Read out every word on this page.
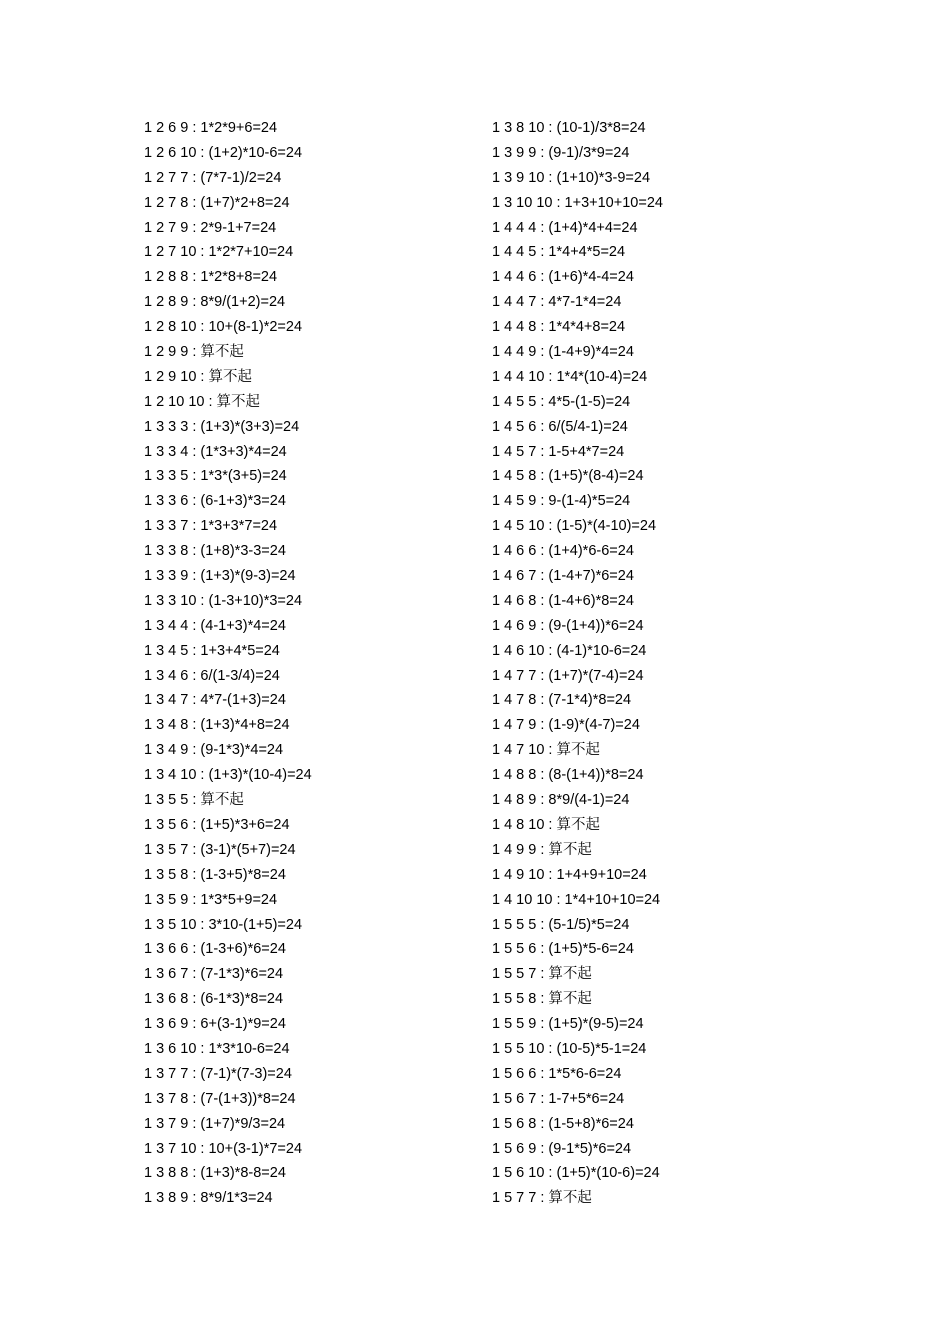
1 2 6 9 : 1*2*9+6=24
1 2 6 10 : (1+2)*10-6=24
1 2 7 7 : (7*7-1)/2=24
1 2 7 8 : (1+7)*2+8=24
1 2 7 9 : 2*9-1+7=24
1 2 7 10 : 1*2*7+10=24
1 2 8 8 : 1*2*8+8=24
1 2 8 9 : 8*9/(1+2)=24
1 2 8 10 : 10+(8-1)*2=24
1 2 9 9 : 算不起
1 2 9 10 : 算不起
1 2 10 10 : 算不起
1 3 3 3 : (1+3)*(3+3)=24
1 3 3 4 : (1*3+3)*4=24
1 3 3 5 : 1*3*(3+5)=24
1 3 3 6 : (6-1+3)*3=24
1 3 3 7 : 1*3+3*7=24
1 3 3 8 : (1+8)*3-3=24
1 3 3 9 : (1+3)*(9-3)=24
1 3 3 10 : (1-3+10)*3=24
1 3 4 4 : (4-1+3)*4=24
1 3 4 5 : 1+3+4*5=24
1 3 4 6 : 6/(1-3/4)=24
1 3 4 7 : 4*7-(1+3)=24
1 3 4 8 : (1+3)*4+8=24
1 3 4 9 : (9-1*3)*4=24
1 3 4 10 : (1+3)*(10-4)=24
1 3 5 5 : 算不起
1 3 5 6 : (1+5)*3+6=24
1 3 5 7 : (3-1)*(5+7)=24
1 3 5 8 : (1-3+5)*8=24
1 3 5 9 : 1*3*5+9=24
1 3 5 10 : 3*10-(1+5)=24
1 3 6 6 : (1-3+6)*6=24
1 3 6 7 : (7-1*3)*6=24
1 3 6 8 : (6-1*3)*8=24
1 3 6 9 : 6+(3-1)*9=24
1 3 6 10 : 1*3*10-6=24
1 3 7 7 : (7-1)*(7-3)=24
1 3 7 8 : (7-(1+3))*8=24
1 3 7 9 : (1+7)*9/3=24
1 3 7 10 : 10+(3-1)*7=24
1 3 8 8 : (1+3)*8-8=24
1 3 8 9 : 8*9/1*3=24
1 3 8 10 : (10-1)/3*8=24
1 3 9 9 : (9-1)/3*9=24
1 3 9 10 : (1+10)*3-9=24
1 3 10 10 : 1+3+10+10=24
1 4 4 4 : (1+4)*4+4=24
1 4 4 5 : 1*4+4*5=24
1 4 4 6 : (1+6)*4-4=24
1 4 4 7 : 4*7-1*4=24
1 4 4 8 : 1*4*4+8=24
1 4 4 9 : (1-4+9)*4=24
1 4 4 10 : 1*4*(10-4)=24
1 4 5 5 : 4*5-(1-5)=24
1 4 5 6 : 6/(5/4-1)=24
1 4 5 7 : 1-5+4*7=24
1 4 5 8 : (1+5)*(8-4)=24
1 4 5 9 : 9-(1-4)*5=24
1 4 5 10 : (1-5)*(4-10)=24
1 4 6 6 : (1+4)*6-6=24
1 4 6 7 : (1-4+7)*6=24
1 4 6 8 : (1-4+6)*8=24
1 4 6 9 : (9-(1+4))*6=24
1 4 6 10 : (4-1)*10-6=24
1 4 7 7 : (1+7)*(7-4)=24
1 4 7 8 : (7-1*4)*8=24
1 4 7 9 : (1-9)*(4-7)=24
1 4 7 10 : 算不起
1 4 8 8 : (8-(1+4))*8=24
1 4 8 9 : 8*9/(4-1)=24
1 4 8 10 : 算不起
1 4 9 9 : 算不起
1 4 9 10 : 1+4+9+10=24
1 4 10 10 : 1*4+10+10=24
1 5 5 5 : (5-1/5)*5=24
1 5 5 6 : (1+5)*5-6=24
1 5 5 7 : 算不起
1 5 5 8 : 算不起
1 5 5 9 : (1+5)*(9-5)=24
1 5 5 10 : (10-5)*5-1=24
1 5 6 6 : 1*5*6-6=24
1 5 6 7 : 1-7+5*6=24
1 5 6 8 : (1-5+8)*6=24
1 5 6 9 : (9-1*5)*6=24
1 5 6 10 : (1+5)*(10-6)=24
1 5 7 7 : 算不起
